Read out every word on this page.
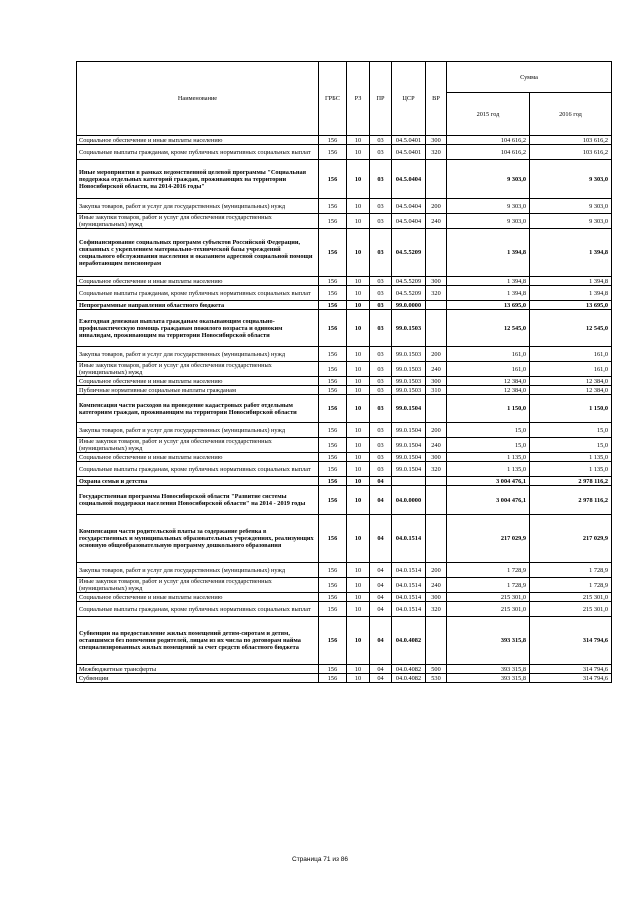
Наименование	ГРБС	РЗ	ПР	ЦСР	ВР	Сумма	
						2015 год	2016 год
Социальное обеспечение и иные выплаты населению	156	10	03	04.5.0401	300	104 616,2	103 616,2
Социальные выплаты гражданам, кроме публичных нормативных социальных выплат	156	10	03	04.5.0401	320	104 616,2	103 616,2
Иные мероприятия в рамках ведомственной целевой программы "Социальная поддержка отдельных категорий граждан, проживающих на территории Новосибирской области, на 2014-2016 годы"	156	10	03	04.5.0404		9 303,0	9 303,0
Закупка товаров, работ и услуг для государственных (муниципальных) нужд	156	10	03	04.5.0404	200	9 303,0	9 303,0
Иные закупки товаров, работ и услуг для обеспечения государственных (муниципальных) нужд	156	10	03	04.5.0404	240	9 303,0	9 303,0
Софинансирование социальных программ субъектов Российской Федерации, связанных с укреплением материально-технической базы учреждений социального обслуживания населения и оказанием адресной социальной помощи неработающим пенсионерам	156	10	03	04.5.5209		1 394,8	1 394,8
Социальное обеспечение и иные выплаты населению	156	10	03	04.5.5209	300	1 394,8	1 394,8
Социальные выплаты гражданам, кроме публичных нормативных социальных выплат	156	10	03	04.5.5209	320	1 394,8	1 394,8
Непрограммные направления областного бюджета	156	10	03	99.0.0000		13 695,0	13 695,0
Ежегодная денежная выплата гражданам оказывающим социально- профилактическую помощь гражданам пожилого возраста и одиноким инвалидам, проживающим на территории Новосибирской области	156	10	03	99.0.1503		12 545,0	12 545,0
Закупка товаров, работ и услуг для государственных (муниципальных) нужд	156	10	03	99.0.1503	200	161,0	161,0
Иные закупки товаров, работ и услуг для обеспечения государственных (муниципальных) нужд	156	10	03	99.0.1503	240	161,0	161,0
Социальное обеспечение и иные выплаты населению	156	10	03	99.0.1503	300	12 384,0	12 384,0
Публичные нормативные социальные выплаты гражданам	156	10	03	99.0.1503	310	12 384,0	12 384,0
Компенсация части расходов на проведение кадастровых работ отдельным категориям граждан, проживающим на территории Новосибирской области	156	10	03	99.0.1504		1 150,0	1 150,0
Закупка товаров, работ и услуг для государственных (муниципальных) нужд	156	10	03	99.0.1504	200	15,0	15,0
Иные закупки товаров, работ и услуг для обеспечения государственных (муниципальных) нужд	156	10	03	99.0.1504	240	15,0	15,0
Социальное обеспечение и иные выплаты населению	156	10	03	99.0.1504	300	1 135,0	1 135,0
Социальные выплаты гражданам, кроме публичных нормативных социальных выплат	156	10	03	99.0.1504	320	1 135,0	1 135,0
Охрана семьи и детства	156	10	04			3 004 476,1	2 978 116,2
Государственная программа Новосибирской области "Развитие системы социальной поддержки населения Новосибирской области" на 2014 - 2019 годы	156	10	04	04.0.0000		3 004 476,1	2 978 116,2
Компенсация части родительской платы за содержание ребенка в государственных и муниципальных образовательных учреждениях, реализующих основную общеобразовательную программу дошкольного образования	156	10	04	04.0.1514		217 029,9	217 029,9
Закупка товаров, работ и услуг для государственных (муниципальных) нужд	156	10	04	04.0.1514	200	1 728,9	1 728,9
Иные закупки товаров, работ и услуг для обеспечения государственных (муниципальных) нужд	156	10	04	04.0.1514	240	1 728,9	1 728,9
Социальное обеспечение и иные выплаты населению	156	10	04	04.0.1514	300	215 301,0	215 301,0
Социальные выплаты гражданам, кроме публичных нормативных социальных выплат	156	10	04	04.0.1514	320	215 301,0	215 301,0
Субвенции на предоставление жилых помещений детям-сиротам и детям, оставшимся без попечения родителей, лицам из их числа по договорам найма специализированных жилых помещений за счет средств областного бюджета	156	10	04	04.0.4082		393 315,8	314 794,6
Межбюджетные трансферты	156	10	04	04.0.4082	500	393 315,8	314 794,6
Субвенции	156	10	04	04.0.4082	530	393 315,8	314 794,6
Страница 71 из 86
